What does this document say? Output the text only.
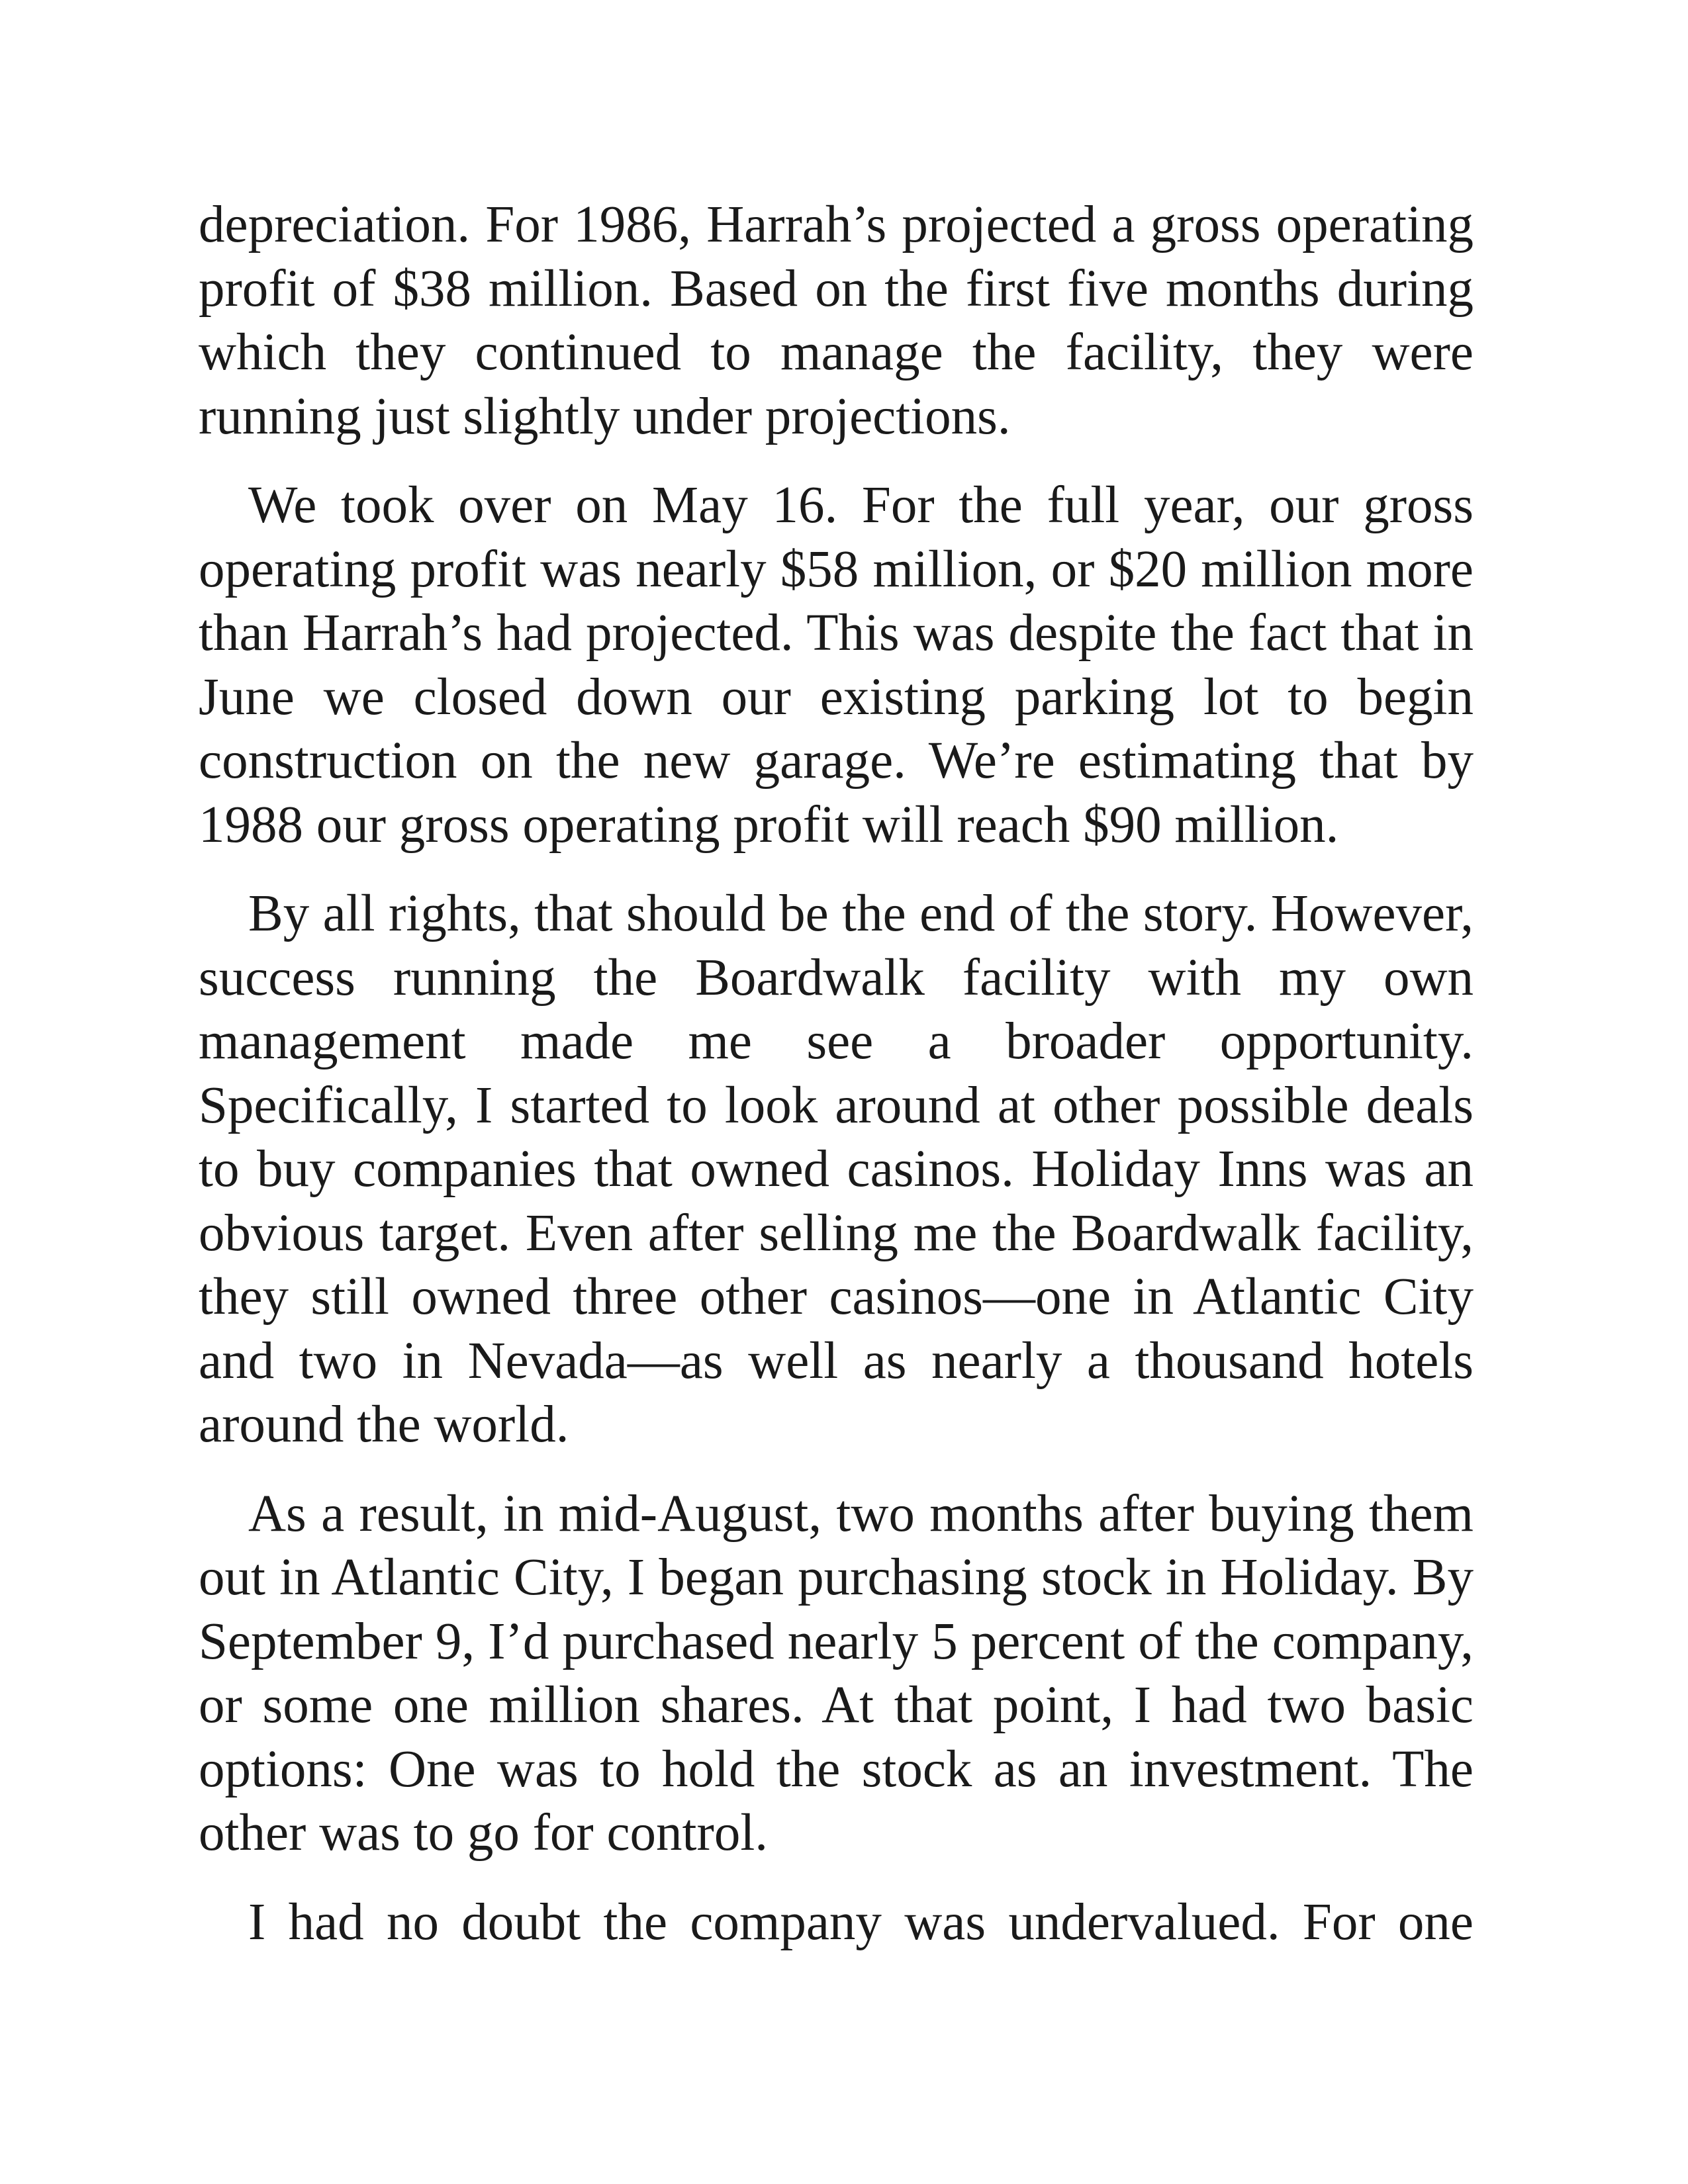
depreciation. For 1986, Harrah’s projected a gross operating profit of $38 million. Based on the first five months during which they continued to manage the facility, they were running just slightly under projections.

We took over on May 16. For the full year, our gross operating profit was nearly $58 million, or $20 million more than Harrah’s had projected. This was despite the fact that in June we closed down our existing parking lot to begin construction on the new garage. We’re estimating that by 1988 our gross operating profit will reach $90 million.

By all rights, that should be the end of the story. However, success running the Boardwalk facility with my own management made me see a broader opportunity. Specifically, I started to look around at other possible deals to buy companies that owned casinos. Holiday Inns was an obvious target. Even after selling me the Boardwalk facility, they still owned three other casinos—one in Atlantic City and two in Nevada—as well as nearly a thousand hotels around the world.

As a result, in mid-August, two months after buying them out in Atlantic City, I began purchasing stock in Holiday. By September 9, I’d purchased nearly 5 percent of the company, or some one million shares. At that point, I had two basic options: One was to hold the stock as an investment. The other was to go for control.

I had no doubt the company was undervalued. For one
